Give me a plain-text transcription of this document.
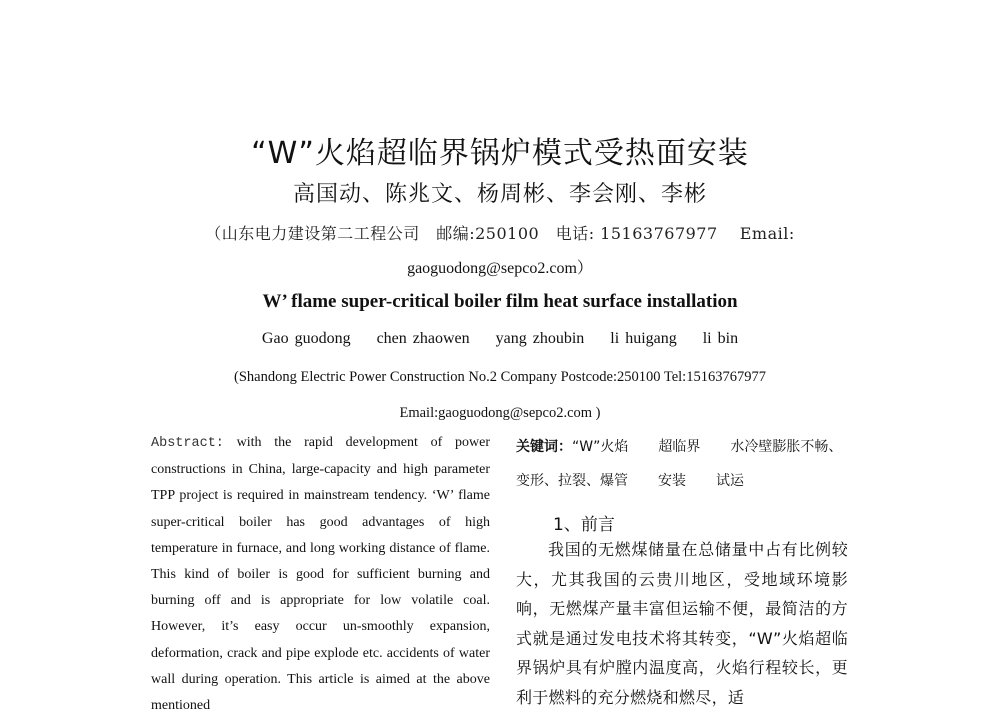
“W”火焰超临界锅炉模式受热面安装
高国动、陈兆文、杨周彬、李会刚、李彬
（山东电力建设第二工程公司　邮编:250100　电话: 15163767977　 Email:
gaoguodong@sepco2.com）
W’ flame super-critical boiler film heat surface installation
Gao guodong chen zhaowen yang zhoubin li huigang li bin
(Shandong Electric Power Construction No.2 Company Postcode:250100 Tel:15163767977
Email:gaoguodong@sepco2.com )
Abstract: with the rapid development of power constructions in China, large-capacity and high parameter TPP project is required in mainstream tendency. ‘W’ flame super-critical boiler has good advantages of high temperature in furnace, and long working distance of flame. This kind of boiler is good for sufficient burning and burning off and is appropriate for low volatile coal. However, it’s easy occur un-smoothly expansion, deformation, crack and pipe explode etc. accidents of water wall during operation. This article is aimed at the above mentioned
关键词：“W”火焰 超临界 水冷壁膨胀不畅、
变形、拉裂、爆管 安装 试运
1、前言
我国的无燃煤储量在总储量中占有比例较大，尤其我国的云贵川地区，受地域环境影响，无燃煤产量丰富但运输不便，最简洁的方式就是通过发电技术将其转变，“W”火焰超临界锅炉具有炉膛内温度高，火焰行程较长，更利于燃料的充分燃烧和燃尽，适
